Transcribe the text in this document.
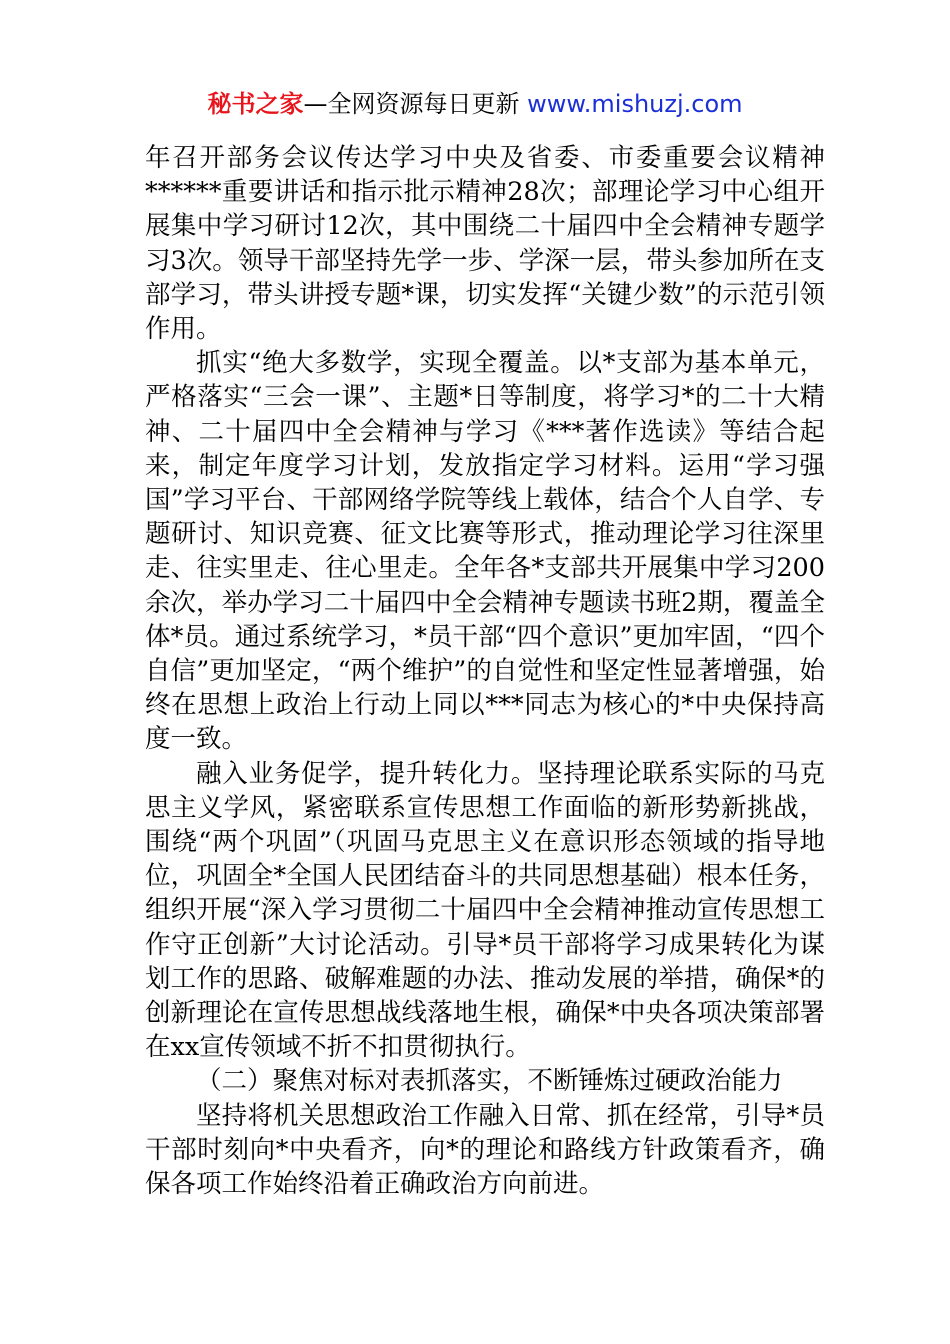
秘书之家—全网资源每日更新 www.mishuzj.com

年召开部务会议传达学习中央及省委、市委重要会议精神******重要讲话和指示批示精神28次；部理论学习中心组开展集中学习研讨12次，其中围绕二十届四中全会精神专题学习3次。领导干部坚持先学一步、学深一层，带头参加所在支部学习，带头讲授专题*课，切实发挥“关键少数”的示范引领作用。

抓实“绝大多数学，实现全覆盖。以*支部为基本单元，严格落实“三会一课”、主题*日等制度，将学习*的二十大精神、二十届四中全会精神与学习《***著作选读》等结合起来，制定年度学习计划，发放指定学习材料。运用“学习强国”学习平台、干部网络学院等线上载体，结合个人自学、专题研讨、知识竞赛、征文比赛等形式，推动理论学习往深里走、往实里走、往心里走。全年各*支部共开展集中学习200余次，举办学习二十届四中全会精神专题读书班2期，覆盖全体*员。通过系统学习，*员干部“四个意识”更加牢固，“四个自信”更加坚定，“两个维护”的自觉性和坚定性显著增强，始终在思想上政治上行动上同以***同志为核心的*中央保持高度一致。

融入业务促学，提升转化力。坚持理论联系实际的马克思主义学风，紧密联系宣传思想工作面临的新形势新挑战，围绕“两个巩固”（巩固马克思主义在意识形态领域的指导地位，巩固全*全国人民团结奋斗的共同思想基础）根本任务，组织开展“深入学习贯彻二十届四中全会精神推动宣传思想工作守正创新”大讨论活动。引导*员干部将学习成果转化为谋划工作的思路、破解难题的办法、推动发展的举措，确保*的创新理论在宣传思想战线落地生根，确保*中央各项决策部署在xx宣传领域不折不扣贯彻执行。

（二）聚焦对标对表抓落实，不断锤炼过硬政治能力

坚持将机关思想政治工作融入日常、抓在经常，引导*员干部时刻向*中央看齐，向*的理论和路线方针政策看齐，确保各项工作始终沿着正确政治方向前进。
